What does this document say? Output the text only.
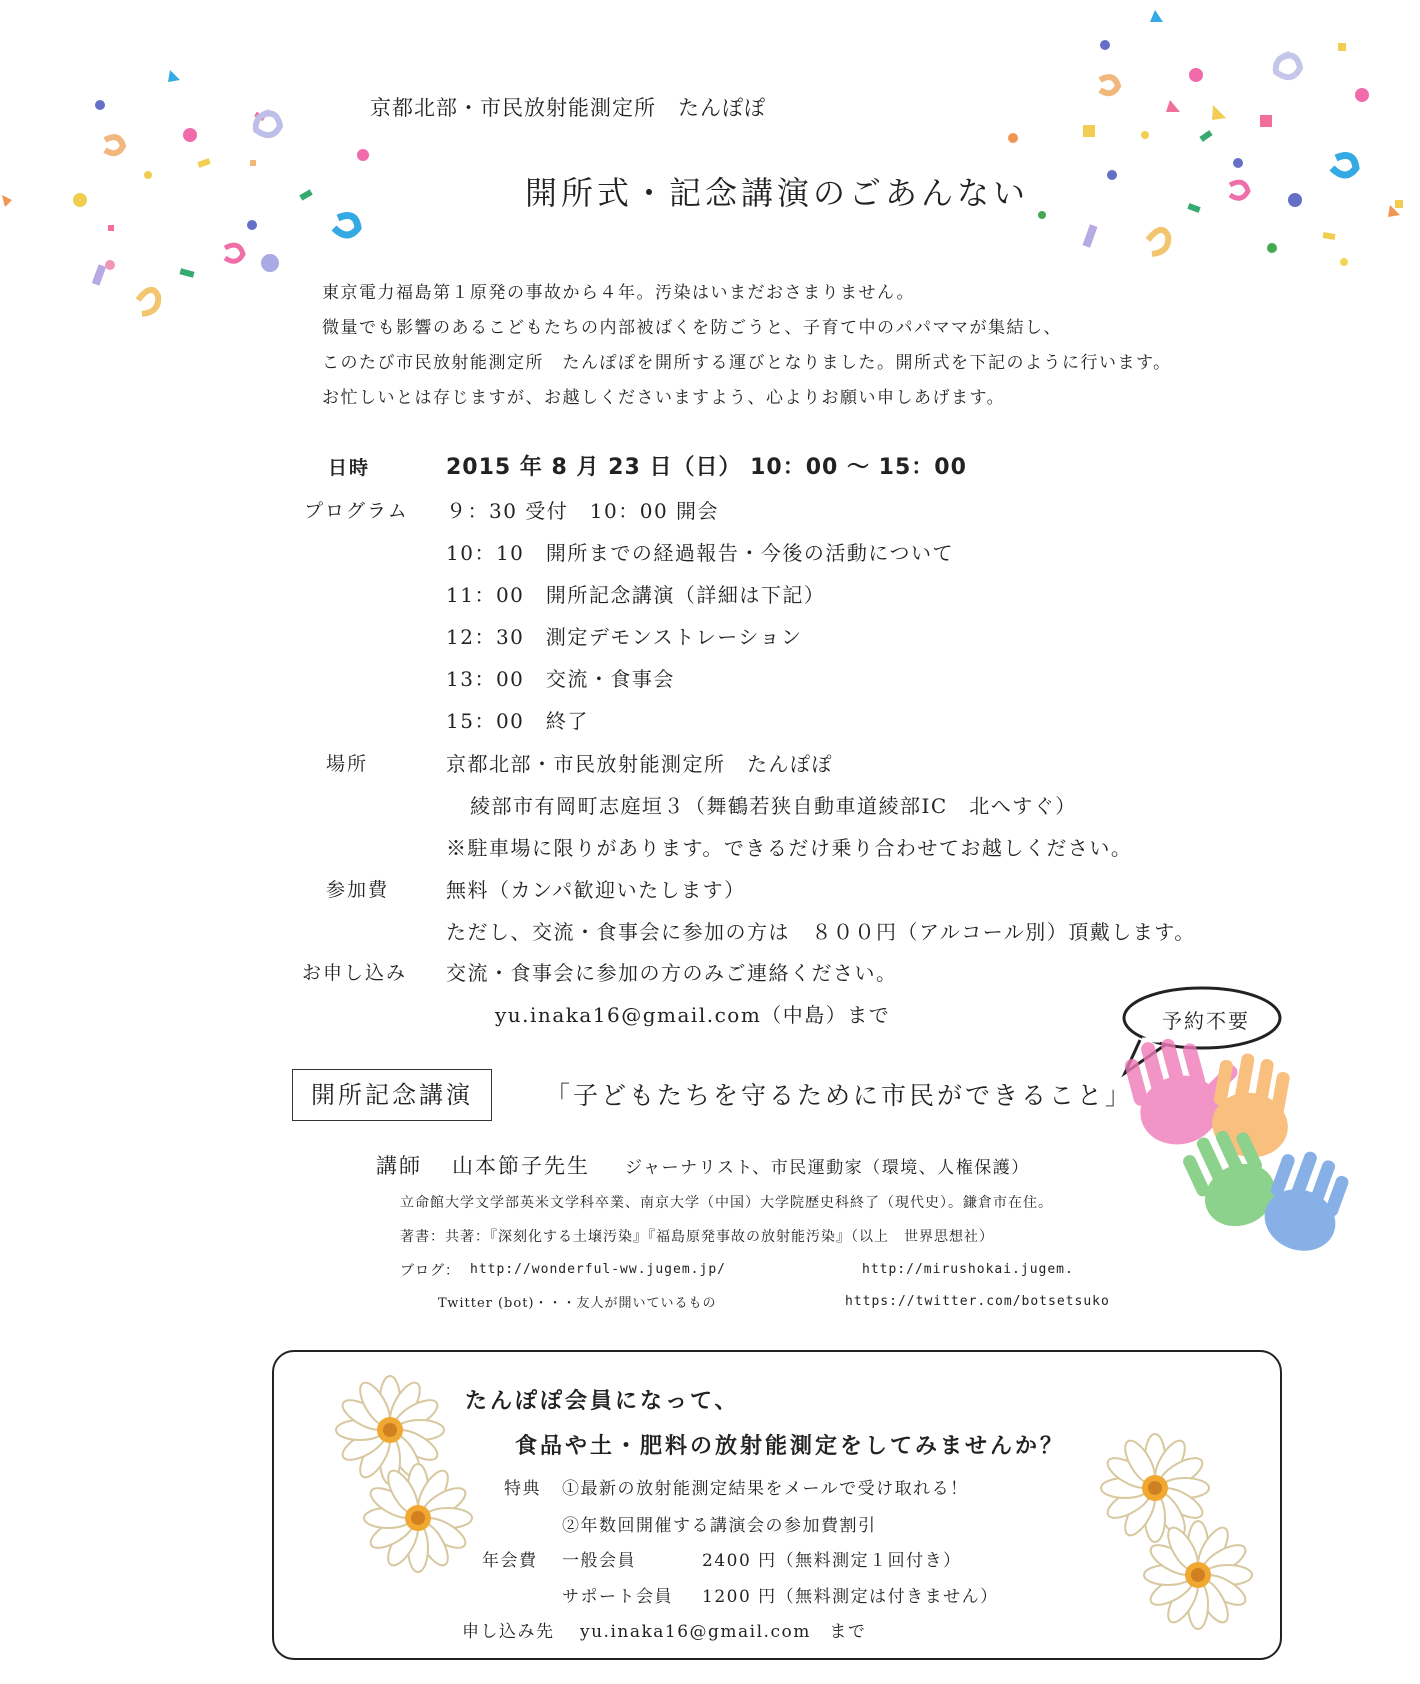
京都北部・市民放射能測定所　たんぽぽ
開所式・記念講演のごあんない
東京電力福島第１原発の事故から４年。汚染はいまだおさまりません。
微量でも影響のあるこどもたちの内部被ばくを防ごうと、子育て中のパパママが集結し、
このたび市民放射能測定所　たんぽぽを開所する運びとなりました。開所式を下記のように行います。
お忙しいとは存じますが、お越しくださいますよう、心よりお願い申しあげます。
日時	2015 年 8 月 23 日（日） 10：00 ～ 15：00
プログラム ９：30 受付　10：00 開会
10：10　開所までの経過報告・今後の活動について
11：00　開所記念講演（詳細は下記）
12：30　測定デモンストレーション
13：00　交流・食事会
15：00　終了
場所	京都北部・市民放射能測定所　たんぽぽ
綾部市有岡町志庭垣３（舞鶴若狭自動車道綾部IC　北へすぐ）
※駐車場に限りがあります。できるだけ乗り合わせてお越しください。
参加費	無料（カンパ歓迎いたします）
ただし、交流・食事会に参加の方は　８００円（アルコール別）頂戴します。
お申し込み 交流・食事会に参加の方のみご連絡ください。
yu.inaka16@gmail.com（中島）まで	予約不要
開所記念講演	「子どもたちを守るために市民ができること」
講師 山本節子先生 ジャーナリスト、市民運動家（環境、人権保護）
立命館大学文学部英米文学科卒業、南京大学（中国）大学院歴史科終了（現代史）。鎌倉市在住。
著書：共著：『深刻化する土壌汚染』『福島原発事故の放射能汚染』（以上　世界思想社）
ブログ： http://wonderful-ww.jugem.jp/	http://mirushokai.jugem.
Twitter (bot)・・・友人が開いているもの	https://twitter.com/botsetsuko
たんぽぽ会員になって、
食品や土・肥料の放射能測定をしてみませんか？
特典 ①最新の放射能測定結果をメールで受け取れる！
②年数回開催する講演会の参加費割引
年会費 一般会員	2400 円（無料測定１回付き）
サポート会員 1200 円（無料測定は付きません）
申し込み先 yu.inaka16@gmail.com　まで
